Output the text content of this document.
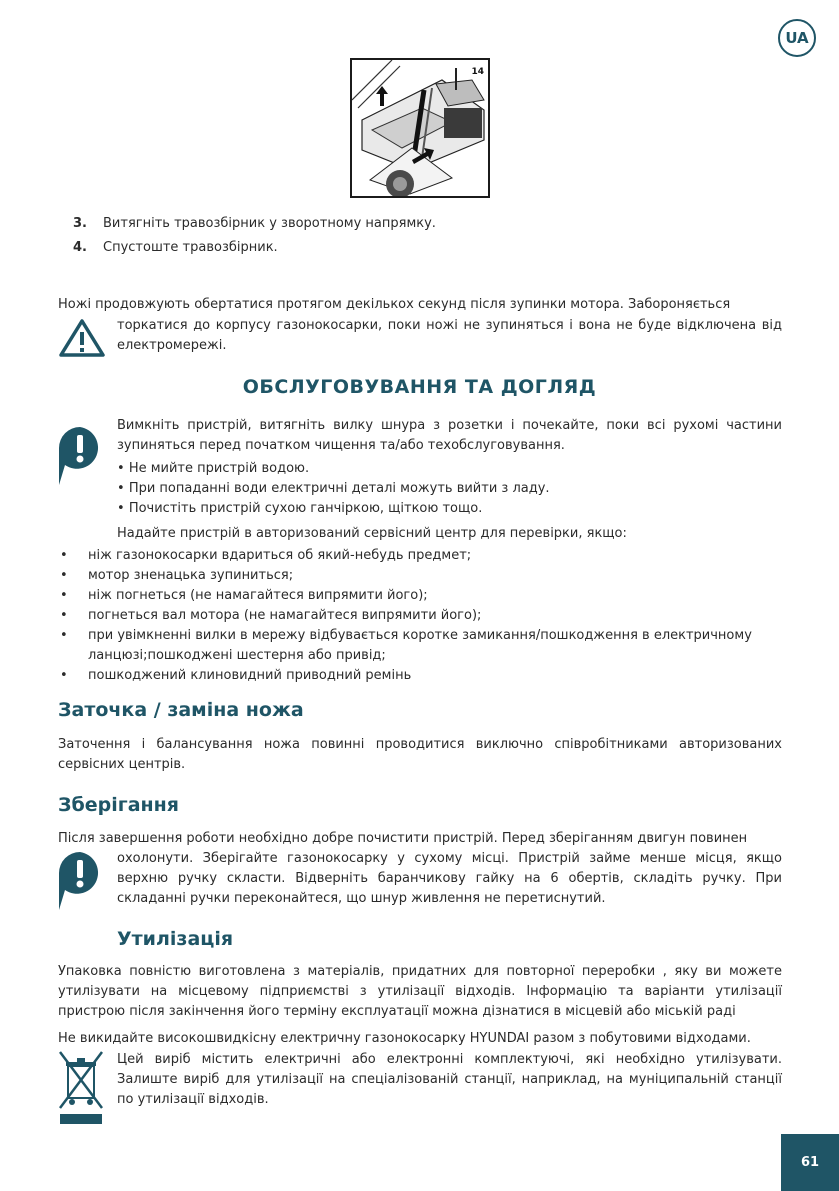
UA
14
3. Витягніть травозбірник у зворотному напрямку.
4. Спустоште травозбірник.
Ножі продовжують обертатися протягом декількох секунд після зупинки мотора. Забороняється
торкатися до корпусу газонокосарки, поки ножі не зупиняться і вона не буде відключена від електромережі.
ОБСЛУГОВУВАННЯ ТА ДОГЛЯД
Вимкніть пристрій, витягніть вилку шнура з розетки і почекайте, поки всі рухомі частини зупиняться перед початком чищення та/або техобслуговування.
• Не мийте пристрій водою.
• При попаданні води електричні деталі можуть вийти з ладу.
• Почистіть пристрій сухою ганчіркою, щіткою тощо.
Надайте пристрій в авторизований сервісний центр для перевірки, якщо:
• ніж газонокосарки вдариться об який-небудь предмет;
• мотор зненацька зупиниться;
• ніж погнеться (не намагайтеся випрямити його);
• погнеться вал мотора (не намагайтеся випрямити його);
• при увімкненні вилки в мережу відбувається коротке замикання/пошкодження в електричному ланцюзі;пошкоджені шестерня або привід;
• пошкоджений клиновидний приводний ремінь
Заточка / заміна ножа
Заточення і балансування ножа повинні проводитися виключно співробітниками авторизованих сервісних центрів.
Зберігання
Після завершення роботи необхідно добре почистити пристрій. Перед зберіганням двигун повинен
охолонути. Зберігайте газонокосарку у сухому місці. Пристрій займе менше місця, якщо верхню ручку скласти. Відверніть баранчикову гайку на 6 обертів, складіть ручку. При складанні ручки переконайтеся, що шнур живлення не перетиснутий.
Утилізація
Упаковка повністю виготовлена з матеріалів, придатних для повторної переробки , яку ви можете утилізувати на місцевому підприємстві з утилізації відходів. Інформацію та варіанти утилізації пристрою після закінчення його терміну експлуатації можна дізнатися в місцевій або міській раді
Не викидайте високошвидкісну електричну газонокосарку HYUNDAI разом з побутовими відходами.
Цей виріб містить електричні або електронні комплектуючі, які необхідно утилізувати. Залиште виріб для утилізації на спеціалізованій станції, наприклад, на муніципальній станції по утилізації відходів.
61
